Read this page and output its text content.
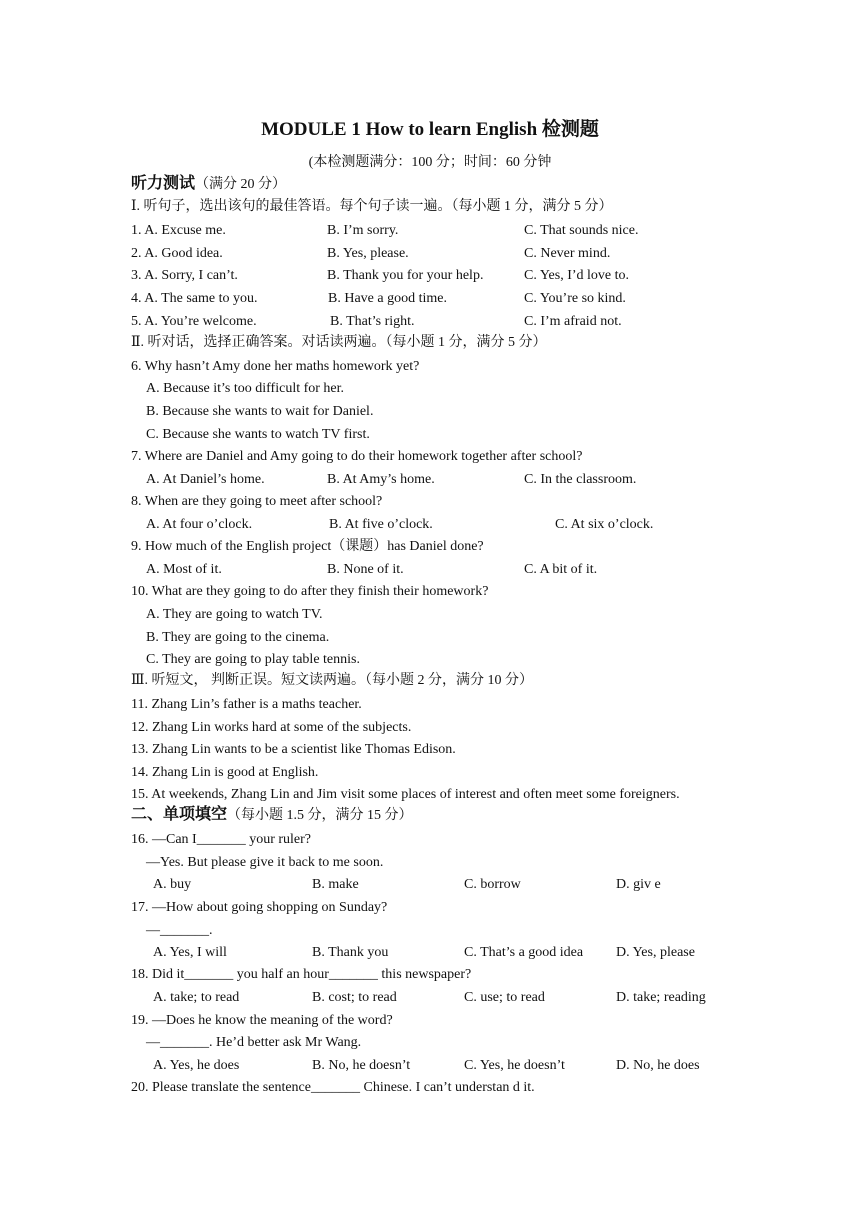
MODULE 1 How to learn English 检测题
(本检测题满分：100 分；时间：60 分钟
听力测试（满分 20 分）
Ⅰ. 听句子，选出该句的最佳答语。每个句子读一遍。（每小题 1 分，满分 5 分）
1. A. Excuse me.	B. I’m sorry.	C. That sounds nice.
2. A. Good idea.	B. Yes, please.	C. Never mind.
3. A. Sorry, I can’t.	B. Thank you for your help.	C. Yes, I’d love to.
4. A. The same to you.	B. Have a good time.	C. You’re so kind.
5. A. You’re welcome.	B. That’s right.	C. I’m afraid not.
Ⅱ. 听对话，选择正确答案。对话读两遍。（每小题 1 分，满分 5 分）
6. Why hasn’t Amy done her maths homework yet?
A. Because it’s too difficult for her.
B. Because she wants to wait for Daniel.
C. Because she wants to watch TV first.
7. Where are Daniel and Amy going to do their homework together after school?
A. At Daniel’s home.	B. At Amy’s home.	C. In the classroom.
8. When are they going to meet after school?
A. At four o’clock.	B. At five o’clock.	C. At six o’clock.
9. How much of the English project（课题）has Daniel done?
A. Most of it.	B. None of it.	C. A bit of it.
10. What are they going to do after they finish their homework?
A. They are going to watch TV.
B. They are going to the cinema.
C. They are going to play table tennis.
Ⅲ. 听短文， 判断正误。短文读两遍。（每小题 2 分，满分 10 分）
11. Zhang Lin’s father is a maths teacher.
12. Zhang Lin works hard at some of the subjects.
13. Zhang Lin wants to be a scientist like Thomas Edison.
14. Zhang Lin is good at English.
15. At weekends, Zhang Lin and Jim visit some places of interest and often meet some foreigners.
二、单项填空（每小题 1.5 分，满分 15 分）
16. —Can I_______ your ruler?
—Yes. But please give it back to me soon.
A. buy	B. make	C. borrow	D. giv e
17. —How about going shopping on Sunday?
—_______.
A. Yes, I will	B. Thank you	C. That’s a good idea D. Yes, please
18. Did it_______ you half an hour_______ this newspaper?
A. take; to read	B. cost; to read	C. use; to read	D. take; reading
19. —Does he know the meaning of the word?
—_______. He’d better ask Mr Wang.
A. Yes, he does	B. No, he doesn’t	C. Yes, he doesn’t	D. No, he does
20. Please translate the sentence_______ Chinese. I can’t understan d it.
